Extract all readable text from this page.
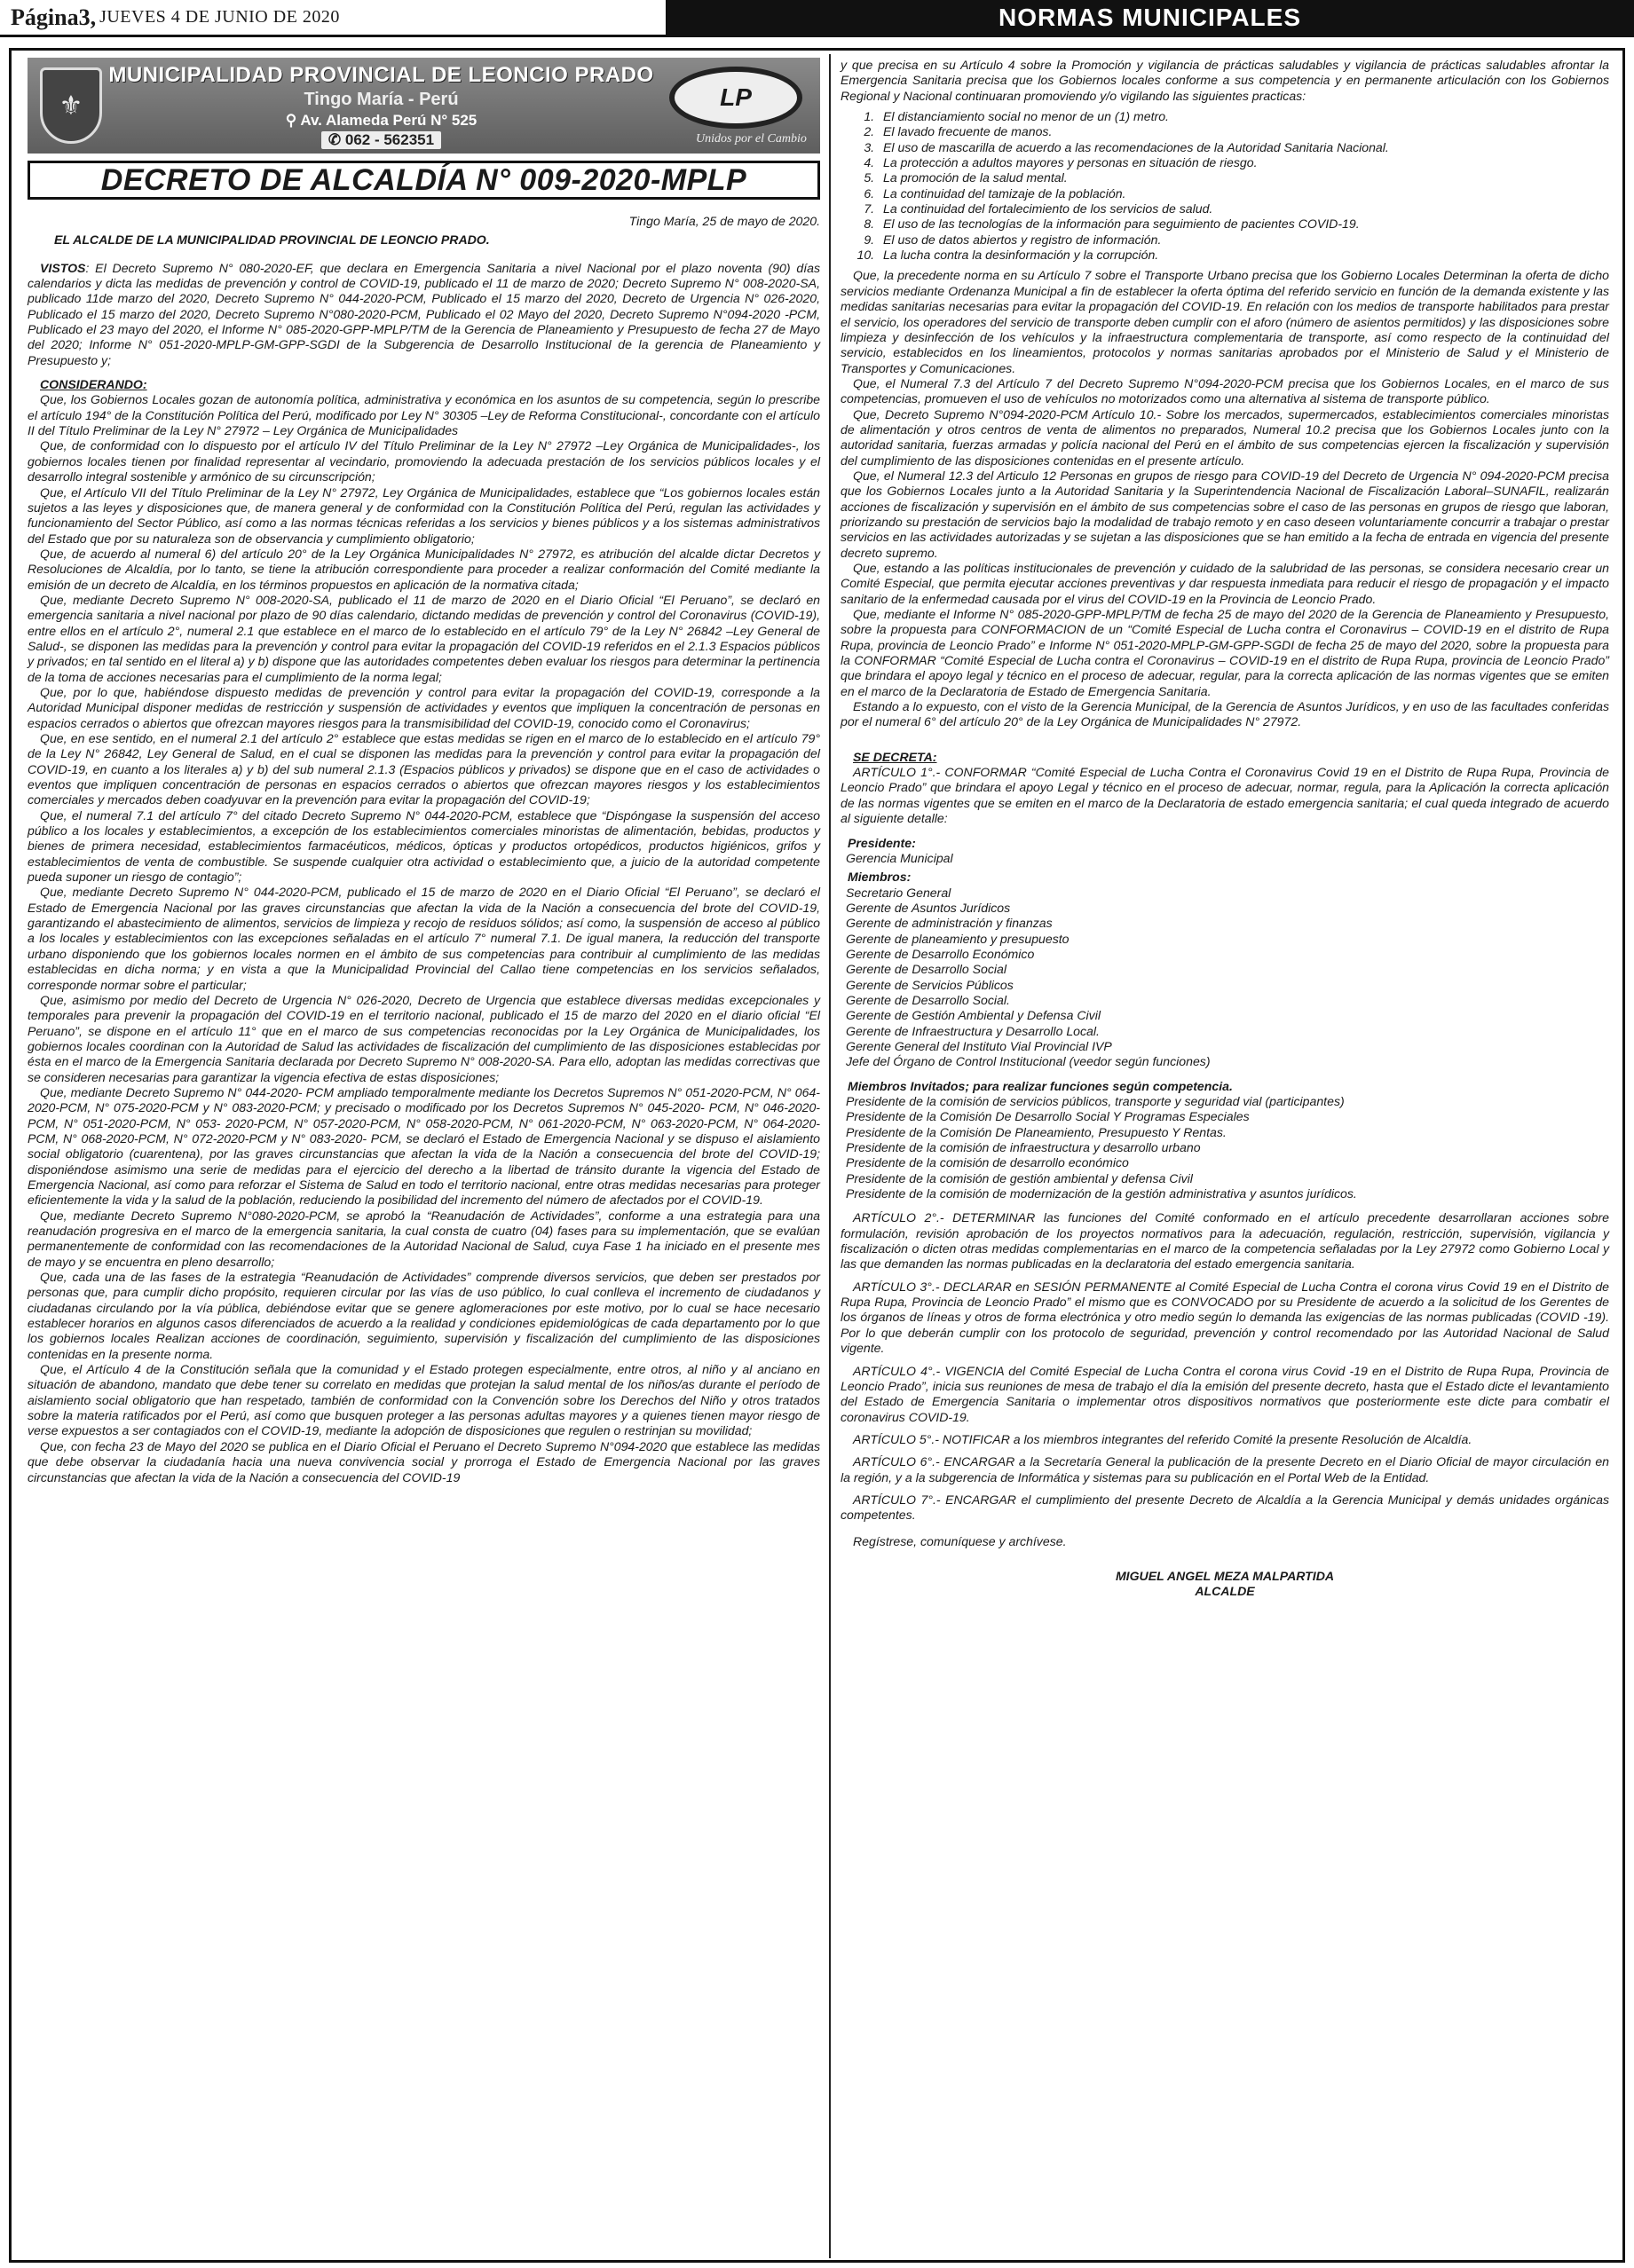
Página3, JUEVES 4 DE JUNIO DE 2020	NORMAS MUNICIPALES
⚜
MUNICIPALIDAD PROVINCIAL DE LEONCIO PRADO
Tingo María - Perú
⚲ Av. Alameda Perú N° 525
✆ 062 - 562351
LP
Unidos por el Cambio
DECRETO DE ALCALDÍA N° 009-2020-MPLP
Tingo María, 25 de mayo de 2020.

EL ALCALDE DE LA MUNICIPALIDAD PROVINCIAL DE LEONCIO PRADO.

VISTOS: El Decreto Supremo N° 080-2020-EF, que declara en Emergencia Sanitaria a nivel Nacional por el plazo noventa (90) días calendarios y dicta las medidas de prevención y control de COVID-19, publicado el 11 de marzo de 2020; Decreto Supremo N° 008-2020-SA, publicado 11de marzo del 2020, Decreto Supremo N° 044-2020-PCM, Publicado el 15 marzo del 2020, Decreto de Urgencia N° 026-2020, Publicado el 15 marzo del 2020, Decreto Supremo N°080-2020-PCM, Publicado el 02 Mayo del 2020, Decreto Supremo N°094-2020 -PCM, Publicado el 23 mayo del 2020, el Informe N° 085-2020-GPP-MPLP/TM de la Gerencia de Planeamiento y Presupuesto de fecha 27 de Mayo del 2020; Informe N° 051-2020-MPLP-GM-GPP-SGDI de la Subgerencia de Desarrollo Institucional de la gerencia de Planeamiento y Presupuesto y;

CONSIDERANDO:

Que, los Gobiernos Locales gozan de autonomía política, administrativa y económica en los asuntos de su competencia, según lo prescribe el artículo 194° de la Constitución Política del Perú, modificado por Ley N° 30305 –Ley de Reforma Constitucional-, concordante con el artículo II del Título Preliminar de la Ley N° 27972 – Ley Orgánica de Municipalidades

Que, de conformidad con lo dispuesto por el artículo IV del Título Preliminar de la Ley N° 27972 –Ley Orgánica de Municipalidades-, los gobiernos locales tienen por finalidad representar al vecindario, promoviendo la adecuada prestación de los servicios públicos locales y el desarrollo integral sostenible y armónico de su circunscripción;

Que, el Artículo VII del Título Preliminar de la Ley N° 27972, Ley Orgánica de Municipalidades, establece que “Los gobiernos locales están sujetos a las leyes y disposiciones que, de manera general y de conformidad con la Constitución Política del Perú, regulan las actividades y funcionamiento del Sector Público, así como a las normas técnicas referidas a los servicios y bienes públicos y a los sistemas administrativos del Estado que por su naturaleza son de observancia y cumplimiento obligatorio;

Que, de acuerdo al numeral 6) del artículo 20° de la Ley Orgánica Municipalidades N° 27972, es atribución del alcalde dictar Decretos y Resoluciones de Alcaldía, por lo tanto, se tiene la atribución correspondiente para proceder a realizar conformación del Comité mediante la emisión de un decreto de Alcaldía, en los términos propuestos en aplicación de la normativa citada;

Que, mediante Decreto Supremo N° 008-2020-SA, publicado el 11 de marzo de 2020 en el Diario Oficial “El Peruano”, se declaró en emergencia sanitaria a nivel nacional por plazo de 90 días calendario, dictando medidas de prevención y control del Coronavirus (COVID-19), entre ellos en el artículo 2°, numeral 2.1 que establece en el marco de lo establecido en el artículo 79° de la Ley N° 26842 –Ley General de Salud-, se disponen las medidas para la prevención y control para evitar la propagación del COVID-19 referidos en el 2.1.3 Espacios públicos y privados; en tal sentido en el literal a) y b) dispone que las autoridades competentes deben evaluar los riesgos para determinar la pertinencia de la toma de acciones necesarias para el cumplimiento de la norma legal;

Que, por lo que, habiéndose dispuesto medidas de prevención y control para evitar la propagación del COVID-19, corresponde a la Autoridad Municipal disponer medidas de restricción y suspensión de actividades y eventos que impliquen la concentración de personas en espacios cerrados o abiertos que ofrezcan mayores riesgos para la transmisibilidad del COVID-19, conocido como el Coronavirus;

Que, en ese sentido, en el numeral 2.1 del artículo 2° establece que estas medidas se rigen en el marco de lo establecido en el artículo 79° de la Ley N° 26842, Ley General de Salud, en el cual se disponen las medidas para la prevención y control para evitar la propagación del COVID-19, en cuanto a los literales a) y b) del sub numeral 2.1.3 (Espacios públicos y privados) se dispone que en el caso de actividades o eventos que impliquen concentración de personas en espacios cerrados o abiertos que ofrezcan mayores riesgos y los establecimientos comerciales y mercados deben coadyuvar en la prevención para evitar la propagación del COVID-19;

Que, el numeral 7.1 del artículo 7° del citado Decreto Supremo N° 044-2020-PCM, establece que “Dispóngase la suspensión del acceso público a los locales y establecimientos, a excepción de los establecimientos comerciales minoristas de alimentación, bebidas, productos y bienes de primera necesidad, establecimientos farmacéuticos, médicos, ópticas y productos ortopédicos, productos higiénicos, grifos y establecimientos de venta de combustible. Se suspende cualquier otra actividad o establecimiento que, a juicio de la autoridad competente pueda suponer un riesgo de contagio”;

Que, mediante Decreto Supremo N° 044-2020-PCM, publicado el 15 de marzo de 2020 en el Diario Oficial “El Peruano”, se declaró el Estado de Emergencia Nacional por las graves circunstancias que afectan la vida de la Nación a consecuencia del brote del COVID-19, garantizando el abastecimiento de alimentos, servicios de limpieza y recojo de residuos sólidos; así como, la suspensión de acceso al público a los locales y establecimientos con las excepciones señaladas en el artículo 7° numeral 7.1. De igual manera, la reducción del transporte urbano disponiendo que los gobiernos locales normen en el ámbito de sus competencias para contribuir al cumplimiento de las medidas establecidas en dicha norma; y en vista a que la Municipalidad Provincial del Callao tiene competencias en los servicios señalados, corresponde normar sobre el particular;

Que, asimismo por medio del Decreto de Urgencia N° 026-2020, Decreto de Urgencia que establece diversas medidas excepcionales y temporales para prevenir la propagación del COVID-19 en el territorio nacional, publicado el 15 de marzo del 2020 en el diario oficial “El Peruano”, se dispone en el artículo 11° que en el marco de sus competencias reconocidas por la Ley Orgánica de Municipalidades, los gobiernos locales coordinan con la Autoridad de Salud las actividades de fiscalización del cumplimiento de las disposiciones establecidas por ésta en el marco de la Emergencia Sanitaria declarada por Decreto Supremo N° 008-2020-SA. Para ello, adoptan las medidas correctivas que se consideren necesarias para garantizar la vigencia efectiva de estas disposiciones;

Que, mediante Decreto Supremo N° 044-2020- PCM ampliado temporalmente mediante los Decretos Supremos N° 051-2020-PCM, N° 064-2020-PCM, N° 075-2020-PCM y N° 083-2020-PCM; y precisado o modificado por los Decretos Supremos N° 045-2020- PCM, N° 046-2020-PCM, N° 051-2020-PCM, N° 053- 2020-PCM, N° 057-2020-PCM, N° 058-2020-PCM, N° 061-2020-PCM, N° 063-2020-PCM, N° 064-2020-PCM, N° 068-2020-PCM, N° 072-2020-PCM y N° 083-2020- PCM, se declaró el Estado de Emergencia Nacional y se dispuso el aislamiento social obligatorio (cuarentena), por las graves circunstancias que afectan la vida de la Nación a consecuencia del brote del COVID-19; disponiéndose asimismo una serie de medidas para el ejercicio del derecho a la libertad de tránsito durante la vigencia del Estado de Emergencia Nacional, así como para reforzar el Sistema de Salud en todo el territorio nacional, entre otras medidas necesarias para proteger eficientemente la vida y la salud de la población, reduciendo la posibilidad del incremento del número de afectados por el COVID-19.

Que, mediante Decreto Supremo N°080-2020-PCM, se aprobó la “Reanudación de Actividades”, conforme a una estrategia para una reanudación progresiva en el marco de la emergencia sanitaria, la cual consta de cuatro (04) fases para su implementación, que se evalúan permanentemente de conformidad con las recomendaciones de la Autoridad Nacional de Salud, cuya Fase 1 ha iniciado en el presente mes de mayo y se encuentra en pleno desarrollo;

Que, cada una de las fases de la estrategia “Reanudación de Actividades” comprende diversos servicios, que deben ser prestados por personas que, para cumplir dicho propósito, requieren circular por las vías de uso público, lo cual conlleva el incremento de ciudadanos y ciudadanas circulando por la vía pública, debiéndose evitar que se genere aglomeraciones por este motivo, por lo cual se hace necesario establecer horarios en algunos casos diferenciados de acuerdo a la realidad y condiciones epidemiológicas de cada departamento por lo que los gobiernos locales Realizan acciones de coordinación, seguimiento, supervisión y fiscalización del cumplimiento de las disposiciones contenidas en la presente norma.

Que, el Artículo 4 de la Constitución señala que la comunidad y el Estado protegen especialmente, entre otros, al niño y al anciano en situación de abandono, mandato que debe tener su correlato en medidas que protejan la salud mental de los niños/as durante el período de aislamiento social obligatorio que han respetado, también de conformidad con la Convención sobre los Derechos del Niño y otros tratados sobre la materia ratificados por el Perú, así como que busquen proteger a las personas adultas mayores y a quienes tienen mayor riesgo de verse expuestos a ser contagiados con el COVID-19, mediante la adopción de disposiciones que regulen o restrinjan su movilidad;

Que, con fecha 23 de Mayo del 2020 se publica en el Diario Oficial el Peruano el Decreto Supremo N°094-2020 que establece las medidas que debe observar la ciudadanía hacia una nueva convivencia social y prorroga el Estado de Emergencia Nacional por las graves circunstancias que afectan la vida de la Nación a consecuencia del COVID-19

y que precisa en su Artículo 4 sobre la Promoción y vigilancia de prácticas saludables y vigilancia de prácticas saludables afrontar la Emergencia Sanitaria precisa que los Gobiernos locales conforme a sus competencia y en permanente articulación con los Gobiernos Regional y Nacional continuaran promoviendo y/o vigilando las siguientes practicas:

1. El distanciamiento social no menor de un (1) metro.
2. El lavado frecuente de manos.
3. El uso de mascarilla de acuerdo a las recomendaciones de la Autoridad Sanitaria Nacional.
4. La protección a adultos mayores y personas en situación de riesgo.
5. La promoción de la salud mental.
6. La continuidad del tamizaje de la población.
7. La continuidad del fortalecimiento de los servicios de salud.
8. El uso de las tecnologías de la información para seguimiento de pacientes COVID-19.
9. El uso de datos abiertos y registro de información.
10. La lucha contra la desinformación y la corrupción.

Que, la precedente norma en su Artículo 7 sobre el Transporte Urbano precisa que los Gobierno Locales Determinan la oferta de dicho servicios mediante Ordenanza Municipal a fin de establecer la oferta óptima del referido servicio en función de la demanda existente y las medidas sanitarias necesarias para evitar la propagación del COVID-19. En relación con los medios de transporte habilitados para prestar el servicio, los operadores del servicio de transporte deben cumplir con el aforo (número de asientos permitidos) y las disposiciones sobre limpieza y desinfección de los vehículos y la infraestructura complementaria de transporte, así como respecto de la continuidad del servicio, establecidos en los lineamientos, protocolos y normas sanitarias aprobados por el Ministerio de Salud y el Ministerio de Transportes y Comunicaciones.

Que, el Numeral 7.3 del Artículo 7 del Decreto Supremo N°094-2020-PCM precisa que los Gobiernos Locales, en el marco de sus competencias, promueven el uso de vehículos no motorizados como una alternativa al sistema de transporte público.

Que, Decreto Supremo N°094-2020-PCM Artículo 10.- Sobre los mercados, supermercados, establecimientos comerciales minoristas de alimentación y otros centros de venta de alimentos no preparados, Numeral 10.2 precisa que los Gobiernos Locales junto con la autoridad sanitaria, fuerzas armadas y policía nacional del Perú en el ámbito de sus competencias ejercen la fiscalización y supervisión del cumplimiento de las disposiciones contenidas en el presente artículo.

Que, el Numeral 12.3 del Articulo 12 Personas en grupos de riesgo para COVID-19 del Decreto de Urgencia N° 094-2020-PCM precisa que los Gobiernos Locales junto a la Autoridad Sanitaria y la Superintendencia Nacional de Fiscalización Laboral–SUNAFIL, realizarán acciones de fiscalización y supervisión en el ámbito de sus competencias sobre el caso de las personas en grupos de riesgo que laboran, priorizando su prestación de servicios bajo la modalidad de trabajo remoto y en caso deseen voluntariamente concurrir a trabajar o prestar servicios en las actividades autorizadas y se sujetan a las disposiciones que se han emitido a la fecha de entrada en vigencia del presente decreto supremo.

Que, estando a las políticas institucionales de prevención y cuidado de la salubridad de las personas, se considera necesario crear un Comité Especial, que permita ejecutar acciones preventivas y dar respuesta inmediata para reducir el riesgo de propagación y el impacto sanitario de la enfermedad causada por el virus del COVID-19 en la Provincia de Leoncio Prado.

Que, mediante el Informe N° 085-2020-GPP-MPLP/TM de fecha 25 de mayo del 2020 de la Gerencia de Planeamiento y Presupuesto, sobre la propuesta para CONFORMACION de un “Comité Especial de Lucha contra el Coronavirus – COVID-19 en el distrito de Rupa Rupa, provincia de Leoncio Prado” e Informe N° 051-2020-MPLP-GM-GPP-SGDI de fecha 25 de mayo del 2020, sobre la propuesta para la CONFORMAR “Comité Especial de Lucha contra el Coronavirus – COVID-19 en el distrito de Rupa Rupa, provincia de Leoncio Prado” que brindara el apoyo legal y técnico en el proceso de adecuar, regular, para la correcta aplicación de las normas vigentes que se emiten en el marco de la Declaratoria de Estado de Emergencia Sanitaria.

Estando a lo expuesto, con el visto de la Gerencia Municipal, de la Gerencia de Asuntos Jurídicos, y en uso de las facultades conferidas por el numeral 6° del artículo 20° de la Ley Orgánica de Municipalidades N° 27972.

SE DECRETA:

ARTÍCULO 1°.- CONFORMAR “Comité Especial de Lucha Contra el Coronavirus Covid 19 en el Distrito de Rupa Rupa, Provincia de Leoncio Prado” que brindara el apoyo Legal y técnico en el proceso de adecuar, normar, regula, para la Aplicación la correcta aplicación de las normas vigentes que se emiten en el marco de la Declaratoria de estado emergencia sanitaria; el cual queda integrado de acuerdo al siguiente detalle:

Presidente:

Gerencia Municipal

Miembros:

Secretario General
Gerente de Asuntos Jurídicos
Gerente de administración y finanzas
Gerente de planeamiento y presupuesto
Gerente de Desarrollo Económico
Gerente de Desarrollo Social
Gerente de Servicios Públicos
Gerente de Desarrollo Social.
Gerente de Gestión Ambiental y Defensa Civil
Gerente de Infraestructura y Desarrollo Local.
Gerente General del Instituto Vial Provincial IVP
Jefe del Órgano de Control Institucional (veedor según funciones)

Miembros Invitados; para realizar funciones según competencia.

Presidente de la comisión de servicios públicos, transporte y seguridad vial (participantes)
Presidente de la Comisión De Desarrollo Social Y Programas Especiales
Presidente de la Comisión De Planeamiento, Presupuesto Y Rentas.
Presidente de la comisión de infraestructura y desarrollo urbano
Presidente de la comisión de desarrollo económico
Presidente de la comisión de gestión ambiental y defensa Civil
Presidente de la comisión de modernización de la gestión administrativa y asuntos jurídicos.

ARTÍCULO 2°.- DETERMINAR las funciones del Comité conformado en el artículo precedente desarrollaran acciones sobre formulación, revisión aprobación de los proyectos normativos para la adecuación, regulación, restricción, supervisión, vigilancia y fiscalización o dicten otras medidas complementarias en el marco de la competencia señaladas por la Ley 27972 como Gobierno Local y las que demanden las normas publicadas en la declaratoria del estado emergencia sanitaria.

ARTÍCULO 3°.- DECLARAR en SESIÓN PERMANENTE al Comité Especial de Lucha Contra el corona virus Covid 19 en el Distrito de Rupa Rupa, Provincia de Leoncio Prado” el mismo que es CONVOCADO por su Presidente de acuerdo a la solicitud de los Gerentes de los órganos de líneas y otros de forma electrónica y otro medio según lo demanda las exigencias de las normas publicadas (COVID -19). Por lo que deberán cumplir con los protocolo de seguridad, prevención y control recomendado por las Autoridad Nacional de Salud vigente.

ARTÍCULO 4°.- VIGENCIA del Comité Especial de Lucha Contra el corona virus Covid -19 en el Distrito de Rupa Rupa, Provincia de Leoncio Prado”, inicia sus reuniones de mesa de trabajo el día la emisión del presente decreto, hasta que el Estado dicte el levantamiento del Estado de Emergencia Sanitaria o implementar otros dispositivos normativos que posteriormente este dicte para combatir el coronavirus COVID-19.

ARTÍCULO 5°.- NOTIFICAR a los miembros integrantes del referido Comité la presente Resolución de Alcaldía.

ARTÍCULO 6°.- ENCARGAR a la Secretaría General la publicación de la presente Decreto en el Diario Oficial de mayor circulación en la región, y a la subgerencia de Informática y sistemas para su publicación en el Portal Web de la Entidad.

ARTÍCULO 7°.- ENCARGAR el cumplimiento del presente Decreto de Alcaldía a la Gerencia Municipal y demás unidades orgánicas competentes.

Regístrese, comuníquese y archívese.

MIGUEL ANGEL MEZA MALPARTIDA
ALCALDE
